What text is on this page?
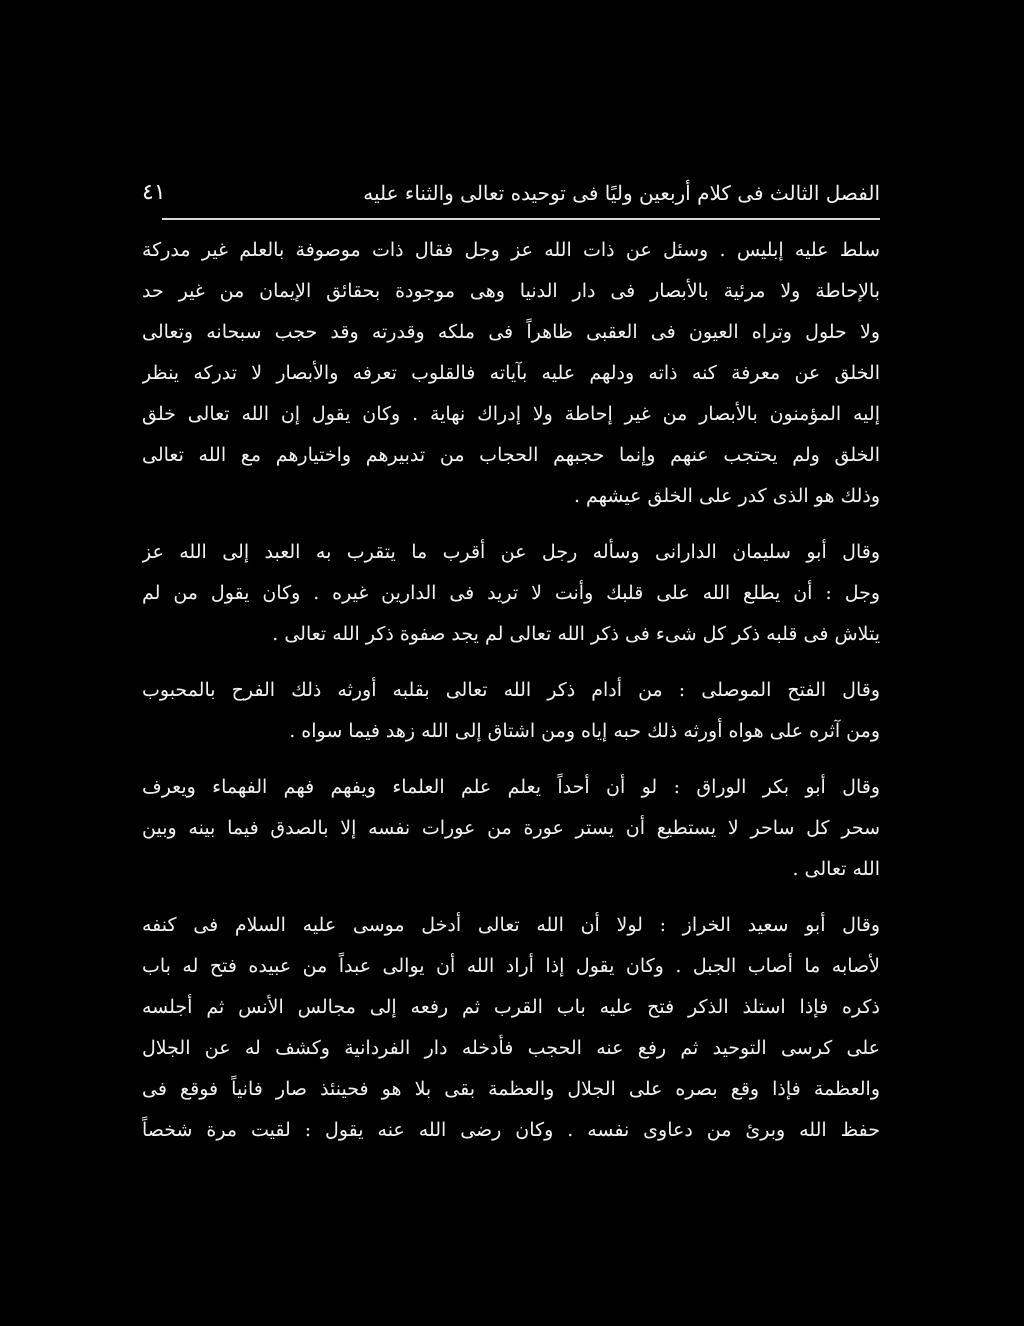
الفصل الثالث فى كلام أربعين وليًا فى توحيده تعالى والثناء عليه
٤١
سلط عليه إبليس . وسئل عن ذات الله عز وجل فقال ذات موصوفة بالعلم غير مدركة
بالإحاطة ولا مرئية بالأبصار فى دار الدنيا وهى موجودة بحقائق الإيمان من غير حد
ولا حلول وتراه العيون فى العقبى ظاهراً فى ملكه وقدرته وقد حجب سبحانه وتعالى
الخلق عن معرفة كنه ذاته ودلهم عليه بآياته فالقلوب تعرفه والأبصار لا تدركه ينظر
إليه المؤمنون بالأبصار من غير إحاطة ولا إدراك نهاية . وكان يقول إن الله تعالى خلق
الخلق ولم يحتجب عنهم وإنما حجبهم الحجاب من تدبيرهم واختيارهم مع الله تعالى
وذلك هو الذى كدر على الخلق عيشهم .
وقال أبو سليمان الدارانى وسأله رجل عن أقرب ما يتقرب به العبد إلى الله عز
وجل : أن يطلع الله على قلبك وأنت لا تريد فى الدارين غيره . وكان يقول من لم
يتلاش فى قلبه ذكر كل شىء فى ذكر الله تعالى لم يجد صفوة ذكر الله تعالى .
وقال الفتح الموصلى : من أدام ذكر الله تعالى بقلبه أورثه ذلك الفرح بالمحبوب
ومن آثره على هواه أورثه ذلك حبه إياه ومن اشتاق إلى الله زهد فيما سواه .
وقال أبو بكر الوراق : لو أن أحداً يعلم علم العلماء ويفهم فهم الفهماء ويعرف
سحر كل ساحر لا يستطيع أن يستر عورة من عورات نفسه إلا بالصدق فيما بينه وبين
الله تعالى .
وقال أبو سعيد الخراز : لولا أن الله تعالى أدخل موسى عليه السلام فى كنفه
لأصابه ما أصاب الجبل . وكان يقول إذا أراد الله أن يوالى عبداً من عبيده فتح له باب
ذكره فإذا استلذ الذكر فتح عليه باب القرب ثم رفعه إلى مجالس الأنس ثم أجلسه
على كرسى التوحيد ثم رفع عنه الحجب فأدخله دار الفردانية وكشف له عن الجلال
والعظمة فإذا وقع بصره على الجلال والعظمة بقى بلا هو فحينئذ صار فانياً فوقع فى
حفظ الله وبرئ من دعاوى نفسه . وكان رضى الله عنه يقول : لقيت مرة شخصاً
